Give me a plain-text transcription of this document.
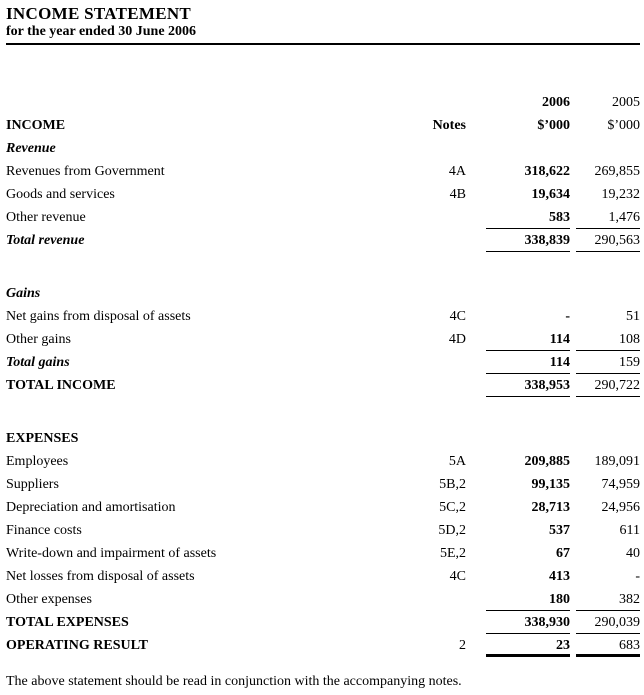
INCOME STATEMENT
for the year ended 30 June 2006
2006	2005
INCOME	Notes	$’000	$’000
Revenue
Revenues from Government	4A	318,622	269,855
Goods and services	4B	19,634	19,232
Other revenue	583	1,476
Total revenue	338,839	290,563
Gains
Net gains from disposal of assets	4C	-	51
Other gains	4D	114	108
Total gains	114	159
TOTAL INCOME	338,953	290,722
EXPENSES
Employees	5A	209,885	189,091
Suppliers	5B,2	99,135	74,959
Depreciation and amortisation	5C,2	28,713	24,956
Finance costs	5D,2	537	611
Write-down and impairment of assets	5E,2	67	40
Net losses from disposal of assets	4C	413	-
Other expenses	180	382
TOTAL EXPENSES	338,930	290,039
OPERATING RESULT	2	23	683
The above statement should be read in conjunction with the accompanying notes.
